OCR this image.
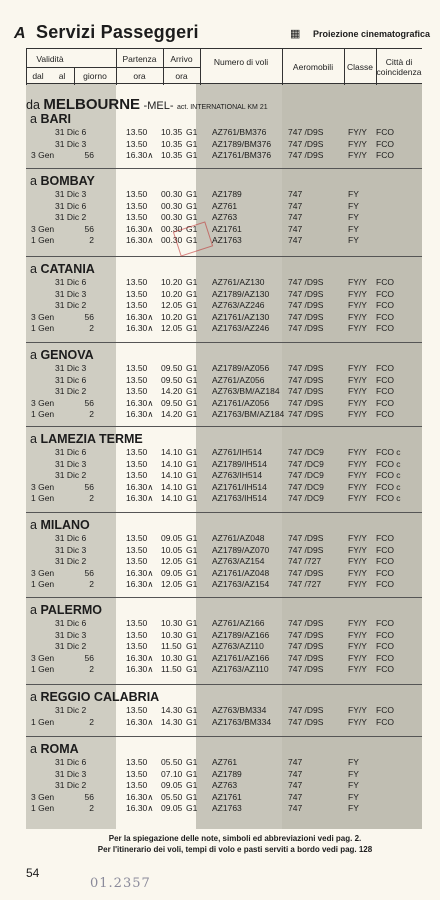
A Servizi Passeggeri	▦ Proiezione cinematografica
Validità
dal	al
Partenza
giorno	ora
Arrivo
ora
Numero di voli	Aeromobili	Classe	Città di coincidenza
da MELBOURNE -MEL- act. INTERNATIONAL KM 21
a BARI
31 Dic 6	13.50 10.35 G1 AZ761/BM376	747 /D9S	FY/Y FCO
31 Dic 3	13.50 10.35 G1 AZ1789/BM376 747 /D9S	FY/Y FCO
3 Gen	56	16.30∧ 10.35 G1 AZ1761/BM376 747 /D9S	FY/Y FCO
a BOMBAY
31 Dic 3	13.50 00.30 G1 AZ1789	747	FY
31 Dic 6	13.50 00.30 G1 AZ761	747	FY
31 Dic 2	13.50 00.30 G1 AZ763	747	FY
3 Gen	56	16.30∧ 00.30 G1 AZ1761	747	FY
1 Gen	2	16.30∧ 00.30 G1 AZ1763	747	FY
a CATANIA
31 Dic 6	13.50 10.20 G1 AZ761/AZ130	747 /D9S	FY/Y FCO
31 Dic 3	13.50 10.20 G1 AZ1789/AZ130 747 /D9S	FY/Y FCO
31 Dic 2	13.50 12.05 G1 AZ763/AZ246	747 /D9S	FY/Y FCO
3 Gen	56	16.30∧ 10.20 G1 AZ1761/AZ130 747 /D9S	FY/Y FCO
1 Gen	2	16.30∧ 12.05 G1 AZ1763/AZ246 747 /D9S	FY/Y FCO
a GENOVA
31 Dic 3	13.50 09.50 G1 AZ1789/AZ056 747 /D9S	FY/Y FCO
31 Dic 6	13.50 09.50 G1 AZ761/AZ056	747 /D9S	FY/Y FCO
31 Dic 2	13.50 14.20 G1 AZ763/BM/AZ184 747 /D9S	FY/Y FCO
3 Gen	56	16.30∧ 09.50 G1 AZ1761/AZ056 747 /D9S	FY/Y FCO
1 Gen	2	16.30∧ 14.20 G1 AZ1763/BM/AZ184 747 /D9S	FY/Y FCO
a LAMEZIA TERME
31 Dic 6	13.50 14.10 G1 AZ761/IH514	747 /DC9	FY/Y FCO c
31 Dic 3	13.50 14.10 G1 AZ1789/IH514 747 /DC9	FY/Y FCO c
31 Dic 2	13.50 14.10 G1 AZ763/IH514	747 /DC9	FY/Y FCO c
3 Gen	56	16.30∧ 14.10 G1 AZ1761/IH514 747 /DC9	FY/Y FCO c
1 Gen	2	16.30∧ 14.10 G1 AZ1763/IH514 747 /DC9	FY/Y FCO c
a MILANO
31 Dic 6	13.50 09.05 G1 AZ761/AZ048	747 /D9S	FY/Y FCO
31 Dic 3	13.50 10.05 G1 AZ1789/AZ070 747 /D9S	FY/Y FCO
31 Dic 2	13.50 12.05 G1 AZ763/AZ154	747 /727	FY/Y FCO
3 Gen	56	16.30∧ 09.05 G1 AZ1761/AZ048 747 /D9S	FY/Y FCO
1 Gen	2	16.30∧ 12.05 G1 AZ1763/AZ154 747 /727	FY/Y FCO
a PALERMO
31 Dic 6	13.50 10.30 G1 AZ761/AZ166	747 /D9S	FY/Y FCO
31 Dic 3	13.50 10.30 G1 AZ1789/AZ166 747 /D9S	FY/Y FCO
31 Dic 2	13.50 11.50 G1 AZ763/AZ110	747 /D9S	FY/Y FCO
3 Gen	56	16.30∧ 10.30 G1 AZ1761/AZ166 747 /D9S	FY/Y FCO
1 Gen	2	16.30∧ 11.50 G1 AZ1763/AZ110 747 /D9S	FY/Y FCO
a REGGIO CALABRIA
31 Dic 2	13.50 14.30 G1 AZ763/BM334	747 /D9S	FY/Y FCO
1 Gen	2	16.30∧ 14.30 G1 AZ1763/BM334 747 /D9S	FY/Y FCO
a ROMA
31 Dic 6	13.50 05.50 G1 AZ761	747	FY
31 Dic 3	13.50 07.10 G1 AZ1789	747	FY
31 Dic 2	13.50 09.05 G1 AZ763	747	FY
3 Gen	56	16.30∧ 05.50 G1 AZ1761	747	FY
1 Gen	2	16.30∧ 09.05 G1 AZ1763	747	FY
Per la spiegazione delle note, simboli ed abbreviazioni vedi pag. 2.
Per l'itinerario dei voli, tempi di volo e pasti serviti a bordo vedi pag. 128
54
01.2357
